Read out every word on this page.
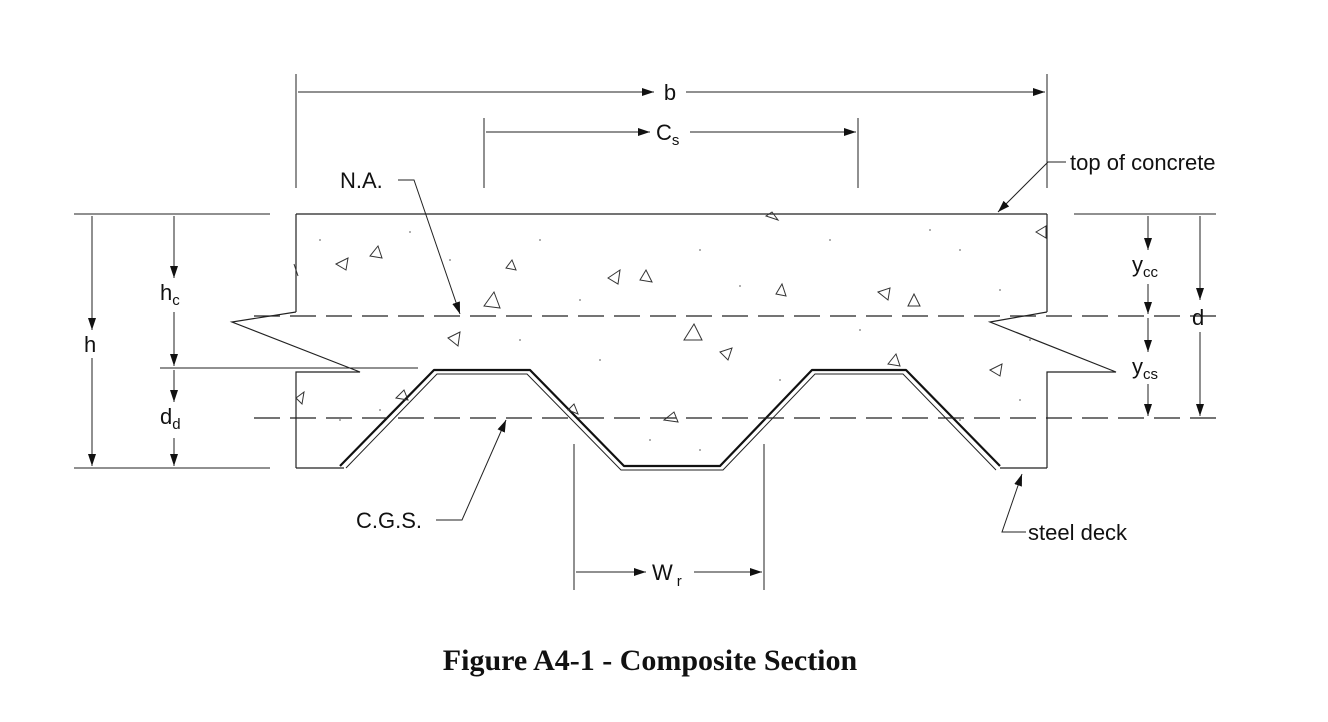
b
$C_s$
N.A.
top of concrete
h
$h_c$
$d_d$
$y_{cc}$
$y_{cs}$
d
C.G.S.	steel deck
W $_r$
Figure A4-1 - Composite Section
